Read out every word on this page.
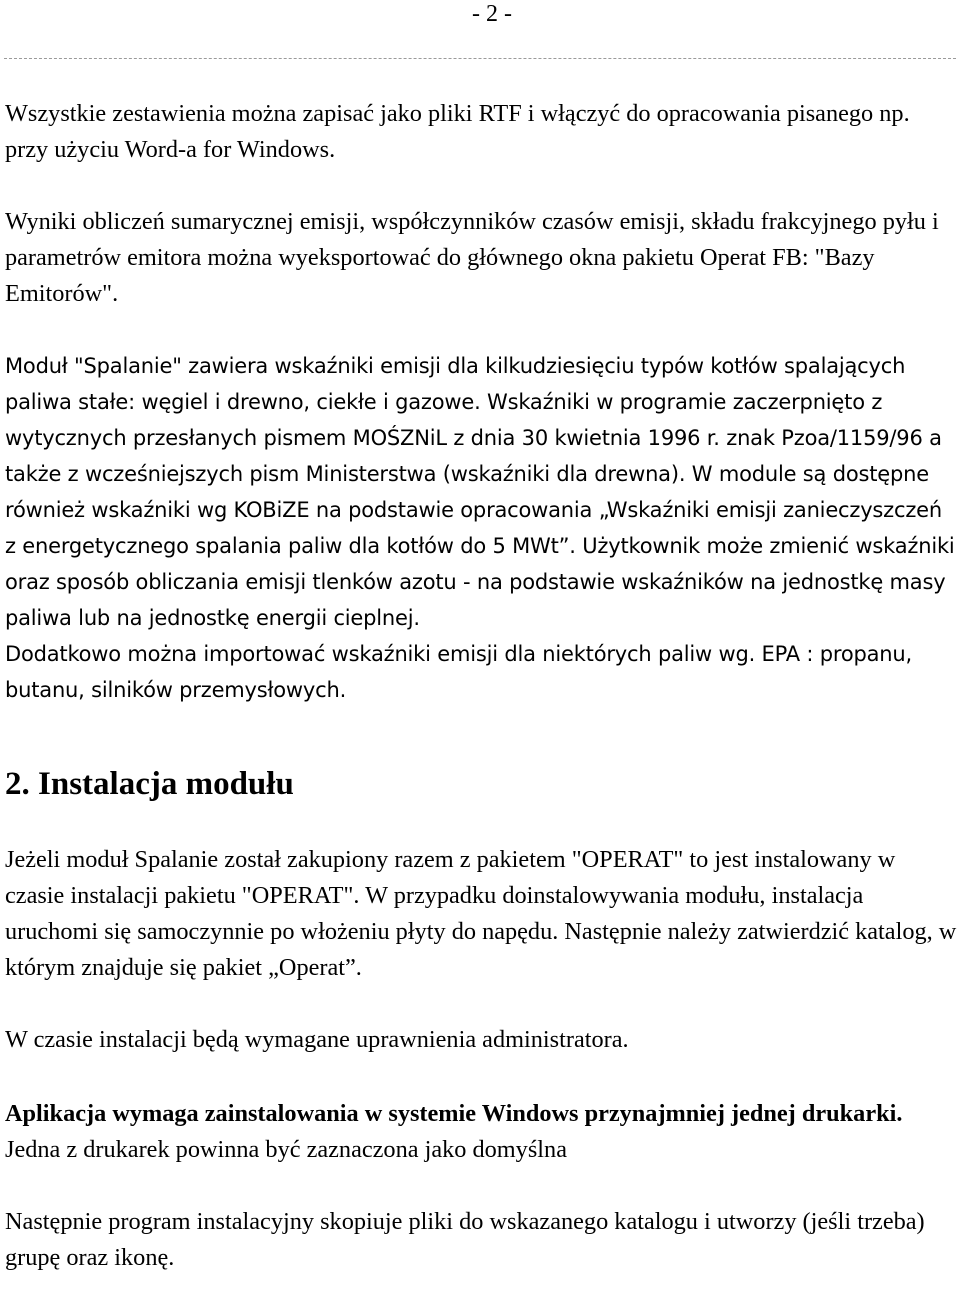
- 2 -

Wszystkie zestawienia można zapisać jako pliki RTF i włączyć do opracowania pisanego np. przy użyciu Word-a for Windows.

Wyniki obliczeń sumarycznej emisji, współczynników czasów emisji, składu frakcyjnego pyłu i parametrów emitora można wyeksportować do głównego okna pakietu Operat FB: "Bazy Emitorów".

Moduł "Spalanie" zawiera wskaźniki emisji dla kilkudziesięciu typów kotłów spalających paliwa stałe: węgiel i drewno, ciekłe i gazowe. Wskaźniki w programie zaczerpnięto z wytycznych przesłanych pismem MOŚZNiL z dnia 30 kwietnia 1996 r. znak Pzoa/1159/96 a także z wcześniejszych pism Ministerstwa (wskaźniki dla drewna). W module są dostępne również wskaźniki wg KOBiZE na podstawie opracowania „Wskaźniki emisji zanieczyszczeń z energetycznego spalania paliw dla kotłów do 5 MWt”. Użytkownik może zmienić wskaźniki oraz sposób obliczania emisji tlenków azotu - na podstawie wskaźników na jednostkę masy paliwa lub na jednostkę energii cieplnej.

Dodatkowo można importować wskaźniki emisji dla niektórych paliw wg. EPA : propanu, butanu, silników przemysłowych.

2. Instalacja modułu

Jeżeli moduł Spalanie został zakupiony razem z pakietem "OPERAT" to jest instalowany w czasie instalacji pakietu "OPERAT". W przypadku doinstalowywania modułu, instalacja uruchomi się samoczynnie po włożeniu płyty do napędu. Następnie należy zatwierdzić katalog, w którym znajduje się pakiet „Operat”.

W czasie instalacji będą wymagane uprawnienia administratora.

Aplikacja wymaga zainstalowania w systemie Windows przynajmniej jednej drukarki. Jedna z drukarek powinna być zaznaczona jako domyślna

Następnie program instalacyjny skopiuje pliki do wskazanego katalogu i utworzy (jeśli trzeba) grupę oraz ikonę.
